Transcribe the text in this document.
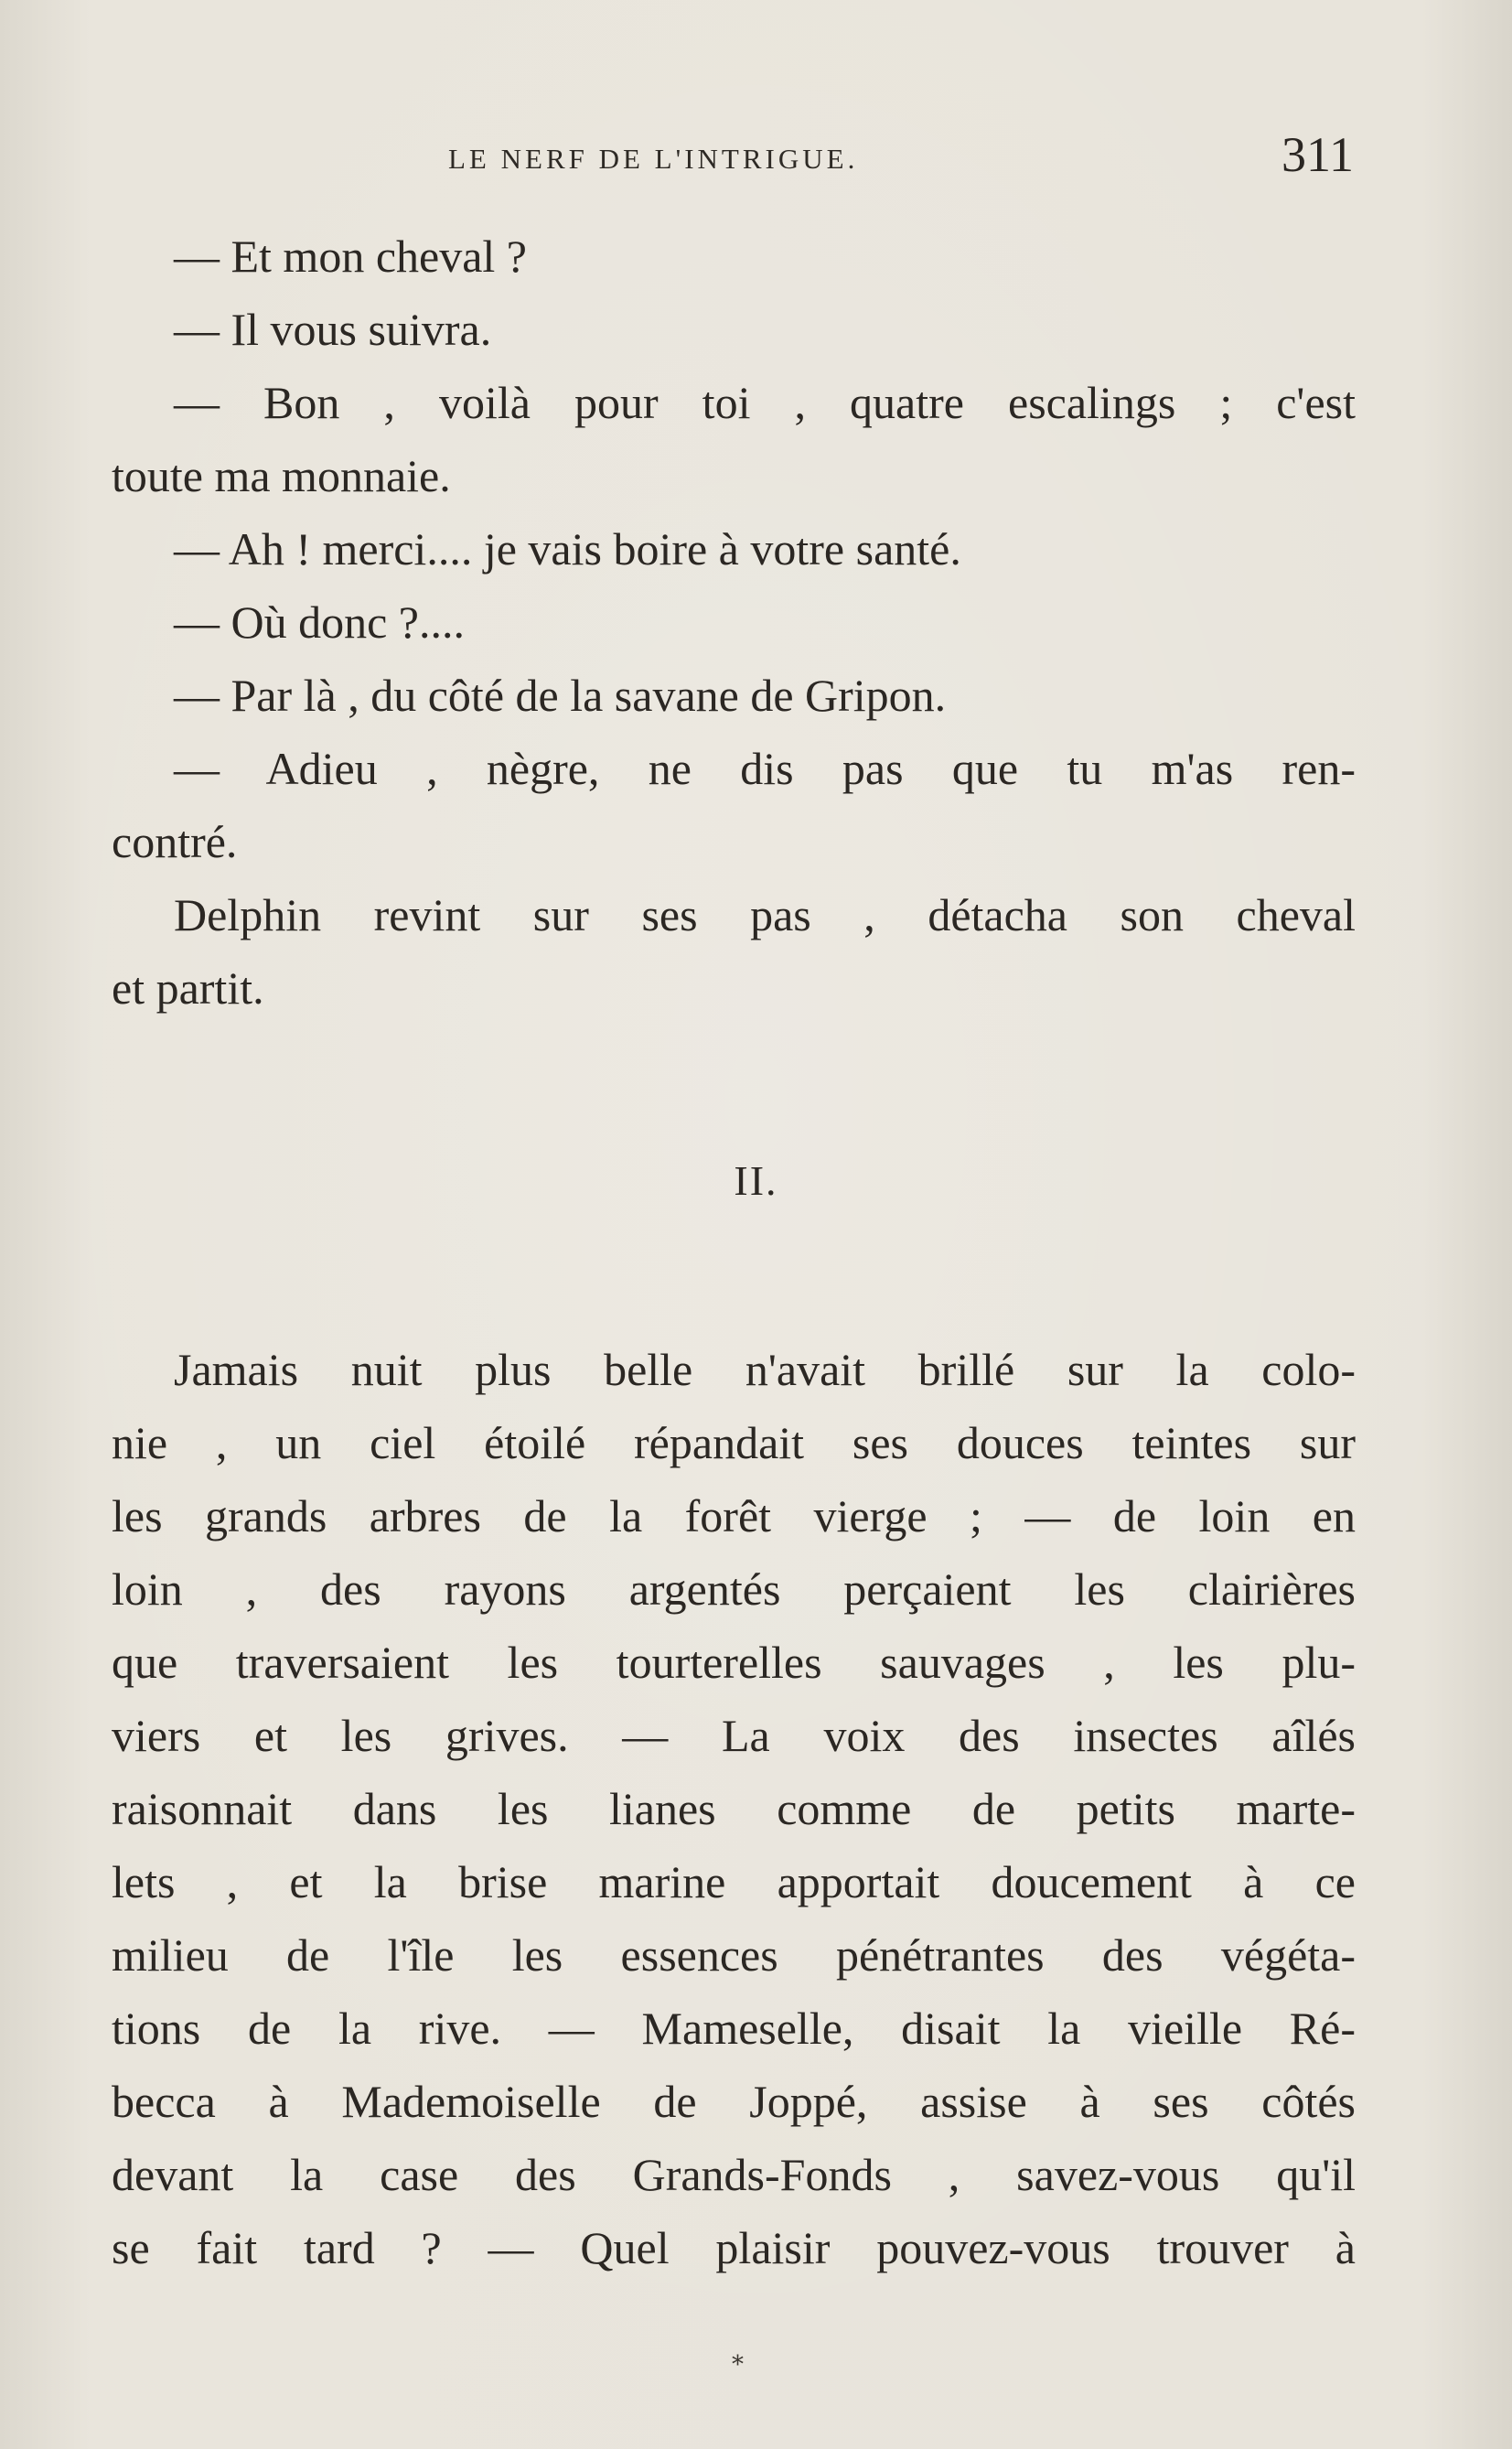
LE NERF DE L'INTRIGUE.	311
— Et mon cheval ?
— Il vous suivra.
— Bon , voilà pour toi , quatre escalings ; c'est
toute ma monnaie.
— Ah ! merci.... je vais boire à votre santé.
— Où donc ?....
— Par là , du côté de la savane de Gripon.
— Adieu , nègre, ne dis pas que tu m'as ren-
contré.
Delphin revint sur ses pas , détacha son cheval
et partit.
II.
Jamais nuit plus belle n'avait brillé sur la colo-
nie , un ciel étoilé répandait ses douces teintes sur
les grands arbres de la forêt vierge ; — de loin en
loin , des rayons argentés perçaient les clairières
que traversaient les tourterelles sauvages , les plu-
viers et les grives. — La voix des insectes aîlés
raisonnait dans les lianes comme de petits marte-
lets , et la brise marine apportait doucement à ce
milieu de l'île les essences pénétrantes des végéta-
tions de la rive. — Mameselle, disait la vieille Ré-
becca à Mademoiselle de Joppé, assise à ses côtés
devant la case des Grands-Fonds , savez-vous qu'il
se fait tard ? — Quel plaisir pouvez-vous trouver à
*
